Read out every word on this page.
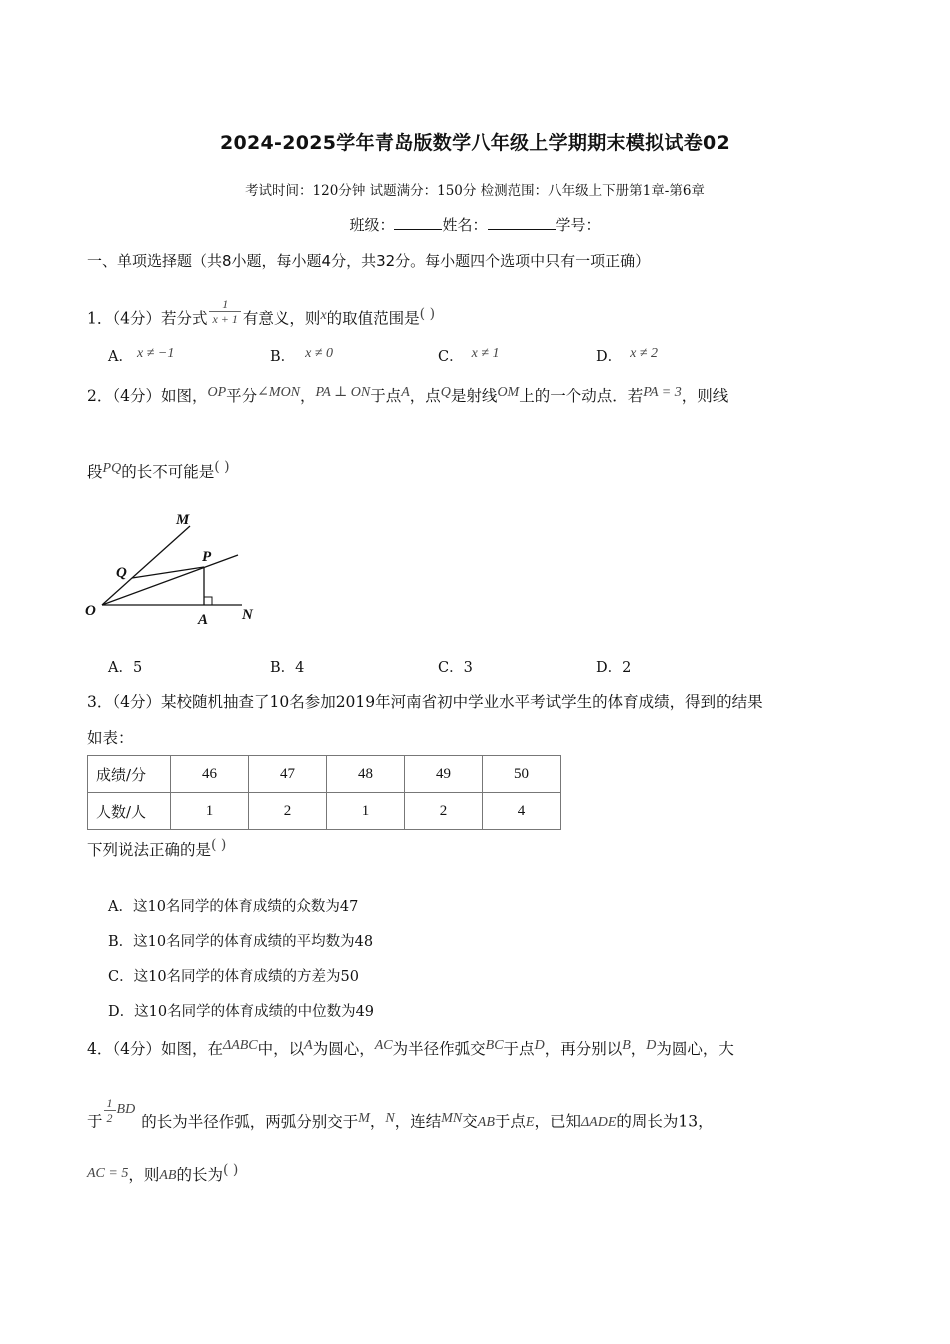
2024-2025学年青岛版数学八年级上学期期末模拟试卷02
考试时间：120分钟 试题满分：150分 检测范围：八年级上下册第1章-第6章
班级：	姓名：	学号：
一、单项选择题（共8小题，每小题4分，共32分。每小题四个选项中只有一项正确）
1．（4分）若分式 $\frac{1}{x + 1}$ 有意义，则x的取值范围是( )
A． x ≠ −1	B． x ≠ 0	C． x ≠ 1	D． x ≠ 2
2．（4分）如图，OP平分∠MON，PA ⊥ ON于点A，点Q是射线OM上的一个动点．若PA = 3，则线
段PQ的长不可能是( )
M
P
Q
O
A N
A．5	B．4	C．3	D．2
3．（4分）某校随机抽查了10名参加2019年河南省初中学业水平考试学生的体育成绩，得到的结果
如表：
成绩/分	46	47	48	49	50
人数/人	1	2	1	2	4
下列说法正确的是( )
A．这10名同学的体育成绩的众数为47
B．这10名同学的体育成绩的平均数为48
C．这10名同学的体育成绩的方差为50
D．这10名同学的体育成绩的中位数为49
4．（4分）如图，在ΔABC中，以A为圆心，AC为半径作弧交BC于点D，再分别以B，D为圆心，大
于 $\frac{1}{2}$ BD的长为半径作弧，两弧分别交于M，N，连结MN交AB于点E，已知ΔADE的周长为13，
AC = 5，则AB的长为( )
